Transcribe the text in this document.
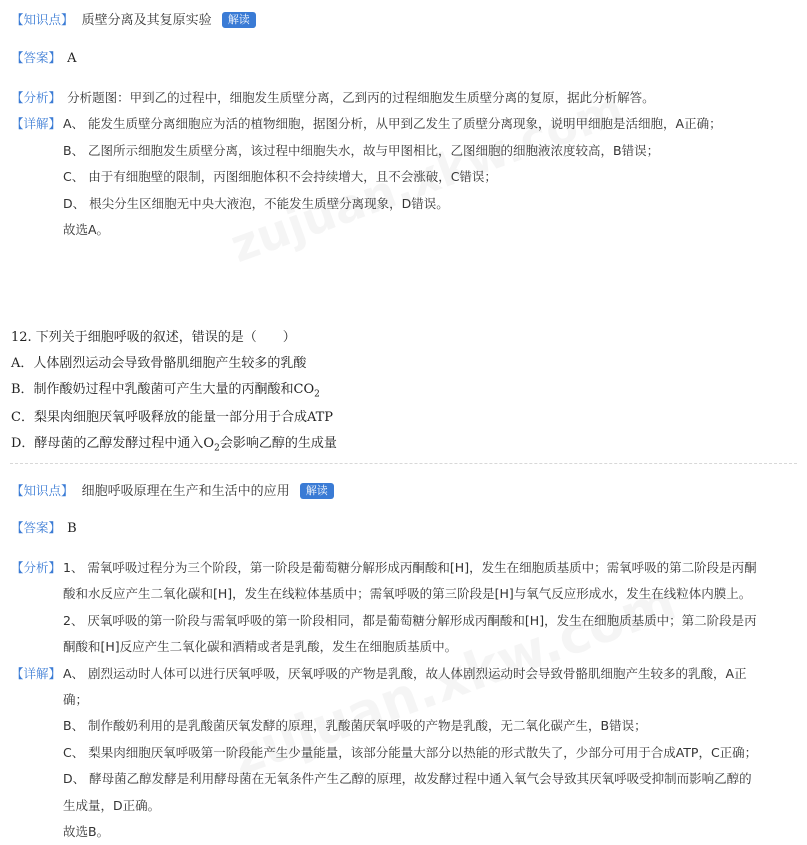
【知识点】 质壁分离及其复原实验 解读
【答案】 A
【分析】 分析题图：甲到乙的过程中，细胞发生质壁分离，乙到丙的过程细胞发生质壁分离的复原，据此分析解答。
【详解】 A、 能发生质壁分离细胞应为活的植物细胞，据图分析，从甲到乙发生了质壁分离现象，说明甲细胞是活细胞，A正确；
B、 乙图所示细胞发生质壁分离，该过程中细胞失水，故与甲图相比，乙图细胞的细胞液浓度较高，B错误；
C、 由于有细胞壁的限制，丙图细胞体积不会持续增大，且不会涨破，C错误；
D、 根尖分生区细胞无中央大液泡，不能发生质壁分离现象，D错误。
故选A。
12. 下列关于细胞呼吸的叙述，错误的是（　　）
A．人体剧烈运动会导致骨骼肌细胞产生较多的乳酸
B．制作酸奶过程中乳酸菌可产生大量的丙酮酸和$CO_2$
C．梨果肉细胞厌氧呼吸释放的能量一部分用于合成ATP
D．酵母菌的乙醇发酵过程中通入$O_2$会影响乙醇的生成量
【知识点】 细胞呼吸原理在生产和生活中的应用 解读
【答案】 B
【分析】 1、 需氧呼吸过程分为三个阶段，第一阶段是葡萄糖分解形成丙酮酸和[H]，发生在细胞质基质中；需氧呼吸的第二阶段是丙酮
酸和水反应产生二氧化碳和[H]，发生在线粒体基质中；需氧呼吸的第三阶段是[H]与氧气反应形成水，发生在线粒体内膜上。
2、 厌氧呼吸的第一阶段与需氧呼吸的第一阶段相同，都是葡萄糖分解形成丙酮酸和[H]，发生在细胞质基质中；第二阶段是丙
酮酸和[H]反应产生二氧化碳和酒精或者是乳酸，发生在细胞质基质中。
【详解】 A、 剧烈运动时人体可以进行厌氧呼吸，厌氧呼吸的产物是乳酸，故人体剧烈运动时会导致骨骼肌细胞产生较多的乳酸，A正
确；
B、 制作酸奶利用的是乳酸菌厌氧发酵的原理，乳酸菌厌氧呼吸的产物是乳酸，无二氧化碳产生，B错误；
C、 梨果肉细胞厌氧呼吸第一阶段能产生少量能量，该部分能量大部分以热能的形式散失了，少部分可用于合成ATP，C正确；
D、 酵母菌乙醇发酵是利用酵母菌在无氧条件产生乙醇的原理，故发酵过程中通入氧气会导致其厌氧呼吸受抑制而影响乙醇的
生成量，D正确。
故选B。
